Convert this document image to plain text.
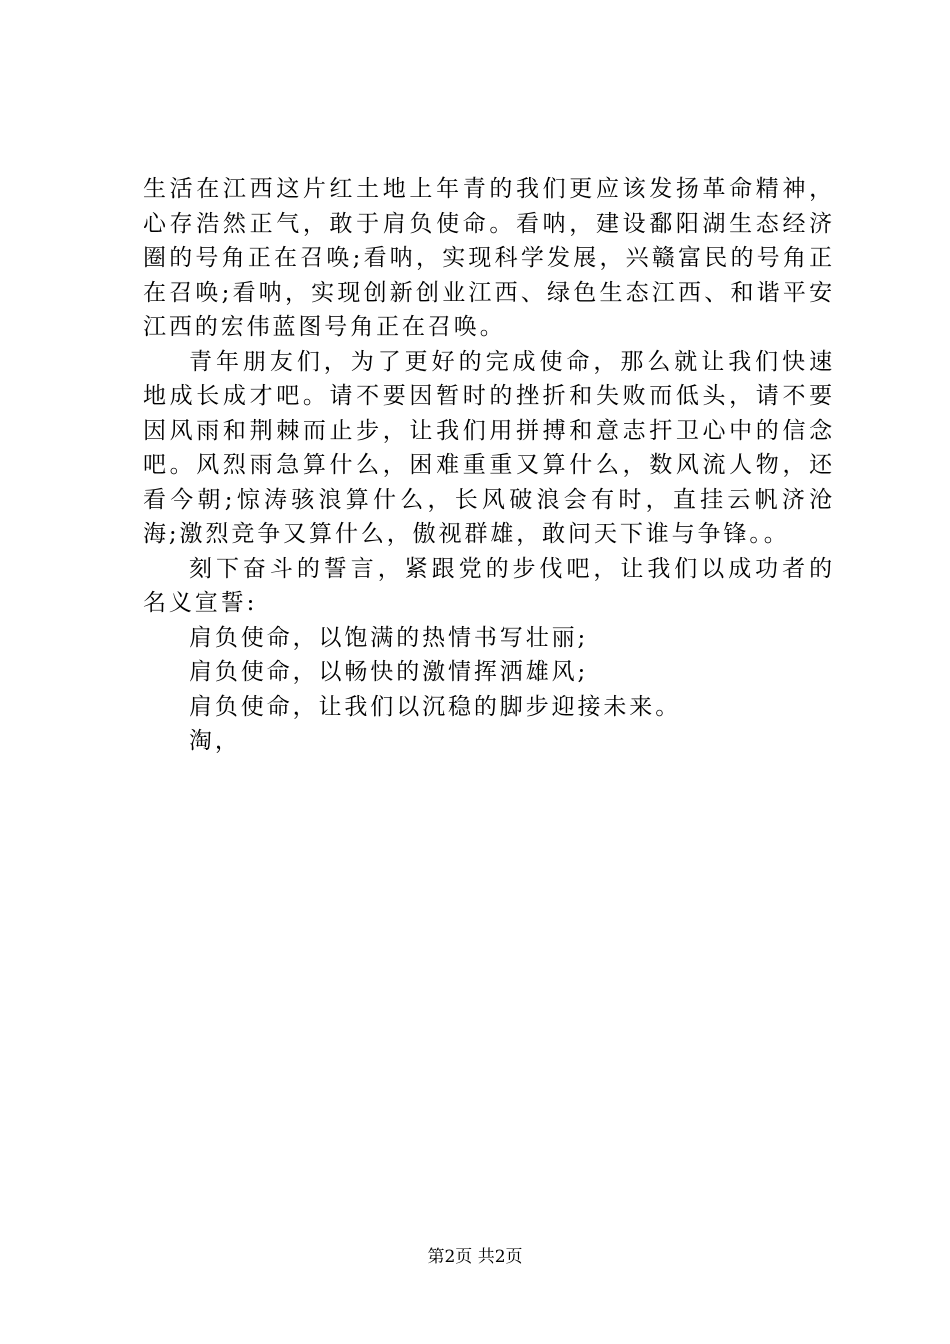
生活在江西这片红土地上年青的我们更应该发扬革命精神，心存浩然正气，敢于肩负使命。看呐，建设鄱阳湖生态经济圈的号角正在召唤;看呐，实现科学发展，兴赣富民的号角正在召唤;看呐，实现创新创业江西、绿色生态江西、和谐平安江西的宏伟蓝图号角正在召唤。

青年朋友们，为了更好的完成使命，那么就让我们快速地成长成才吧。请不要因暂时的挫折和失败而低头，请不要因风雨和荆棘而止步，让我们用拼搏和意志扞卫心中的信念吧。风烈雨急算什么，困难重重又算什么，数风流人物，还看今朝;惊涛骇浪算什么，长风破浪会有时，直挂云帆济沧海;激烈竞争又算什么，傲视群雄，敢问天下谁与争锋。。

刻下奋斗的誓言，紧跟党的步伐吧，让我们以成功者的名义宣誓:

肩负使命，以饱满的热情书写壮丽;

肩负使命，以畅快的激情挥洒雄风;

肩负使命，让我们以沉稳的脚步迎接未来。

淘，

第2页 共2页
